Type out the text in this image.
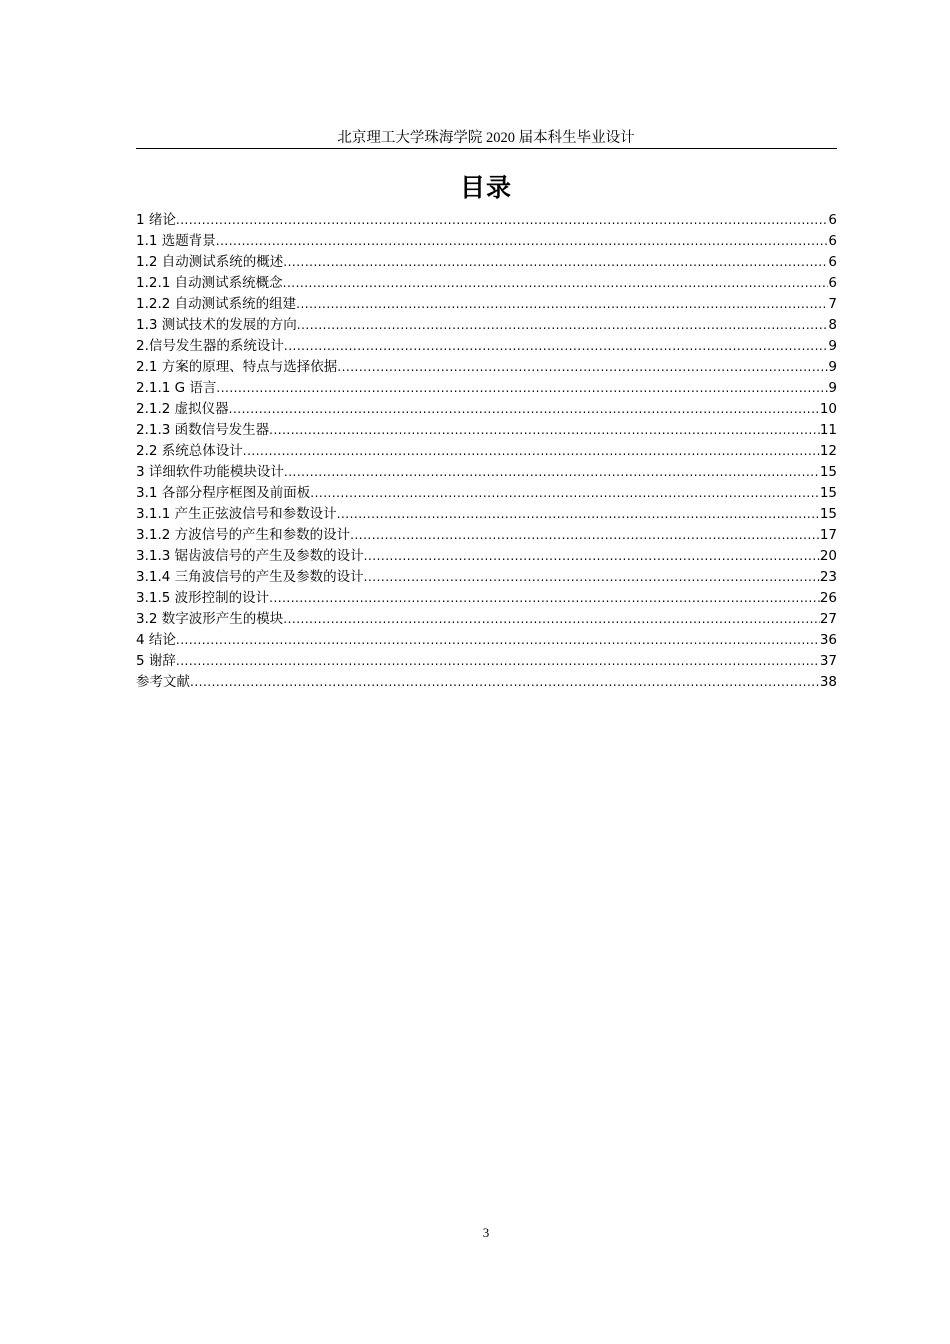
北京理工大学珠海学院 2020 届本科生毕业设计
目录
1 绪论 .....	6
1.1 选题背景 .....	6
1.2 自动测试系统的概述 .....	6
1.2.1 自动测试系统概念 .....	6
1.2.2 自动测试系统的组建 .....	7
1.3 测试技术的发展的方向 .....	8
2.信号发生器的系统设计 .....	9
2.1 方案的原理、特点与选择依据 .....	9
2.1.1 G 语言 .....	9
2.1.2 虚拟仪器 .....	10
2.1.3 函数信号发生器 .....	11
2.2 系统总体设计 .....	12
3 详细软件功能模块设计 .....	15
3.1 各部分程序框图及前面板 .....	15
3.1.1 产生正弦波信号和参数设计 .....	15
3.1.2 方波信号的产生和参数的设计 .....	17
3.1.3 锯齿波信号的产生及参数的设计 .....	20
3.1.4 三角波信号的产生及参数的设计 .....	23
3.1.5 波形控制的设计 .....	26
3.2 数字波形产生的模块 .....	27
4 结论 .....	36
5 谢辞 .....	37
参考文献 .....	38
3
